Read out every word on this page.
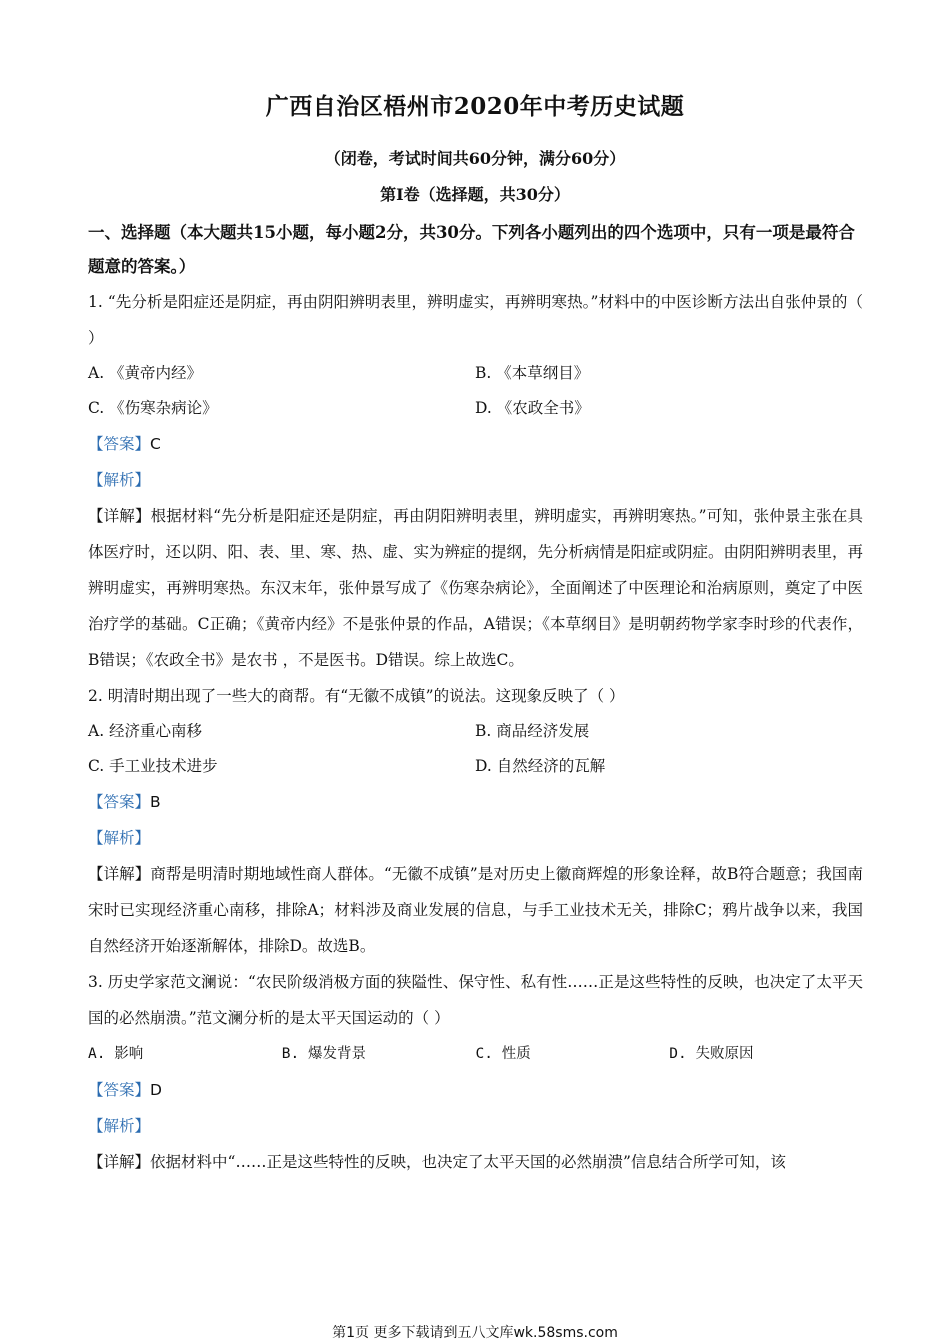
广西自治区梧州市2020年中考历史试题
（闭卷，考试时间共60分钟，满分60分）
第Ⅰ卷（选择题，共30分）
一、选择题（本大题共15小题，每小题2分，共30分。下列各小题列出的四个选项中，只有一项是最符合题意的答案。）

1. “先分析是阳症还是阴症，再由阴阳辨明表里，辨明虚实，再辨明寒热。”材料中的中医诊断方法出自张仲景的（ ）

A. 《黄帝内经》	B. 《本草纲目》
C. 《伤寒杂病论》	D. 《农政全书》

【答案】C

【解析】

【详解】根据材料“先分析是阳症还是阴症，再由阴阳辨明表里，辨明虚实，再辨明寒热。”可知，张仲景主张在具体医疗时，还以阴、阳、表、里、寒、热、虚、实为辨症的提纲，先分析病情是阳症或阴症。由阴阳辨明表里，再辨明虚实，再辨明寒热。东汉末年，张仲景写成了《伤寒杂病论》，全面阐述了中医理论和治病原则，奠定了中医治疗学的基础。C正确；《黄帝内经》不是张仲景的作品，A错误；《本草纲目》是明朝药物学家李时珍的代表作，B错误；《农政全书》是农书 ，不是医书。D错误。综上故选C。

2. 明清时期出现了一些大的商帮。有“无徽不成镇”的说法。这现象反映了（ ）

A. 经济重心南移	B. 商品经济发展
C. 手工业技术进步	D. 自然经济的瓦解

【答案】B

【解析】

【详解】商帮是明清时期地域性商人群体。“无徽不成镇”是对历史上徽商辉煌的形象诠释，故B符合题意；我国南宋时已实现经济重心南移，排除A；材料涉及商业发展的信息，与手工业技术无关，排除C；鸦片战争以来，我国自然经济开始逐渐解体，排除D。故选B。

3. 历史学家范文澜说：“农民阶级消极方面的狭隘性、保守性、私有性……正是这些特性的反映，也决定了太平天国的必然崩溃。”范文澜分析的是太平天国运动的（ ）

A. 影响	B. 爆发背景	C. 性质	D. 失败原因

【答案】D

【解析】

【详解】依据材料中“……正是这些特性的反映，也决定了太平天国的必然崩溃”信息结合所学可知，该

第1页 更多下载请到五八文库wk.58sms.com
